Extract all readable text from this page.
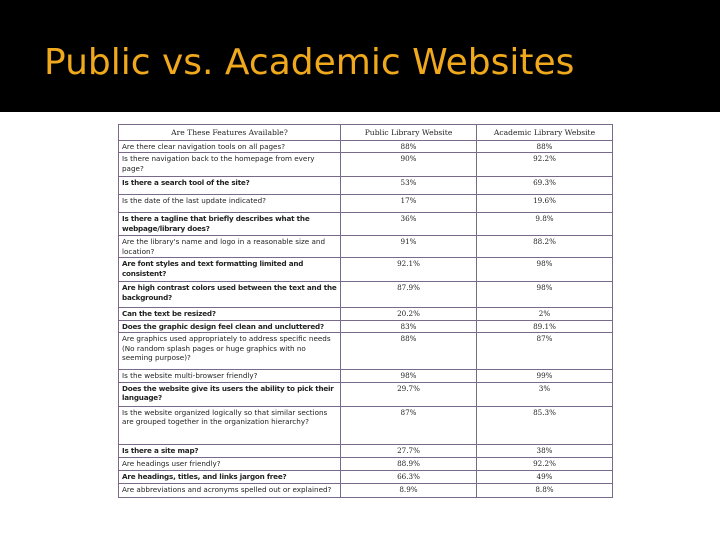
Public vs. Academic Websites
Are These Features Available?	Public Library Website	Academic Library Website
Are there clear navigation tools on all pages?	88%	88%
Is there navigation back to the homepage from every page?	90%	92.2%
Is there a search tool of the site?	53%	69.3%
Is the date of the last update indicated?	17%	19.6%
Is there a tagline that briefly describes what the webpage/library does?	36%	9.8%
Are the library's name and logo in a reasonable size and location?	91%	88.2%
Are font styles and text formatting limited and consistent?	92.1%	98%
Are high contrast colors used between the text and the background?	87.9%	98%
Can the text be resized?	20.2%	2%
Does the graphic design feel clean and uncluttered?	83%	89.1%
Are graphics used appropriately to address specific needs (No random splash pages or huge graphics with no seeming purpose)?	88%	87%
Is the website multi-browser friendly?	98%	99%
Does the website give its users the ability to pick their language?	29.7%	3%
Is the website organized logically so that similar sections are grouped together in the organization hierarchy?	87%	85.3%
Is there a site map?	27.7%	38%
Are headings user friendly?	88.9%	92.2%
Are headings, titles, and links jargon free?	66.3%	49%
Are abbreviations and acronyms spelled out or explained?	8.9%	8.8%
